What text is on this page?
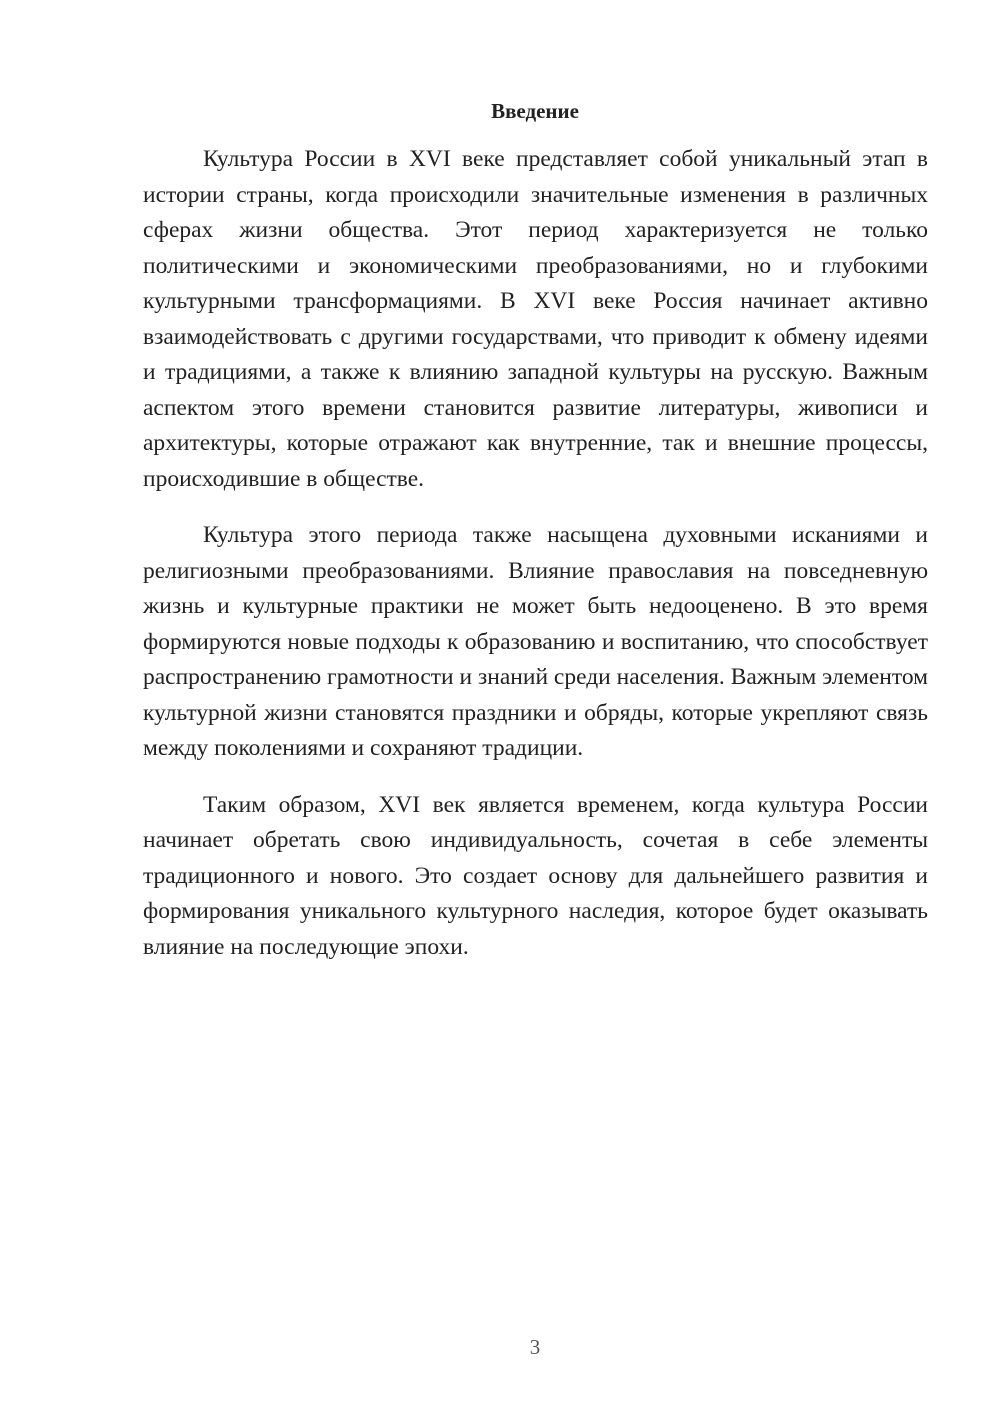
Введение

Культура России в XVI веке представляет собой уникальный этап в истории страны, когда происходили значительные изменения в различных сферах жизни общества. Этот период характеризуется не только политическими и экономическими преобразованиями, но и глубокими культурными трансформациями. В XVI веке Россия начинает активно взаимодействовать с другими государствами, что приводит к обмену идеями и традициями, а также к влиянию западной культуры на русскую. Важным аспектом этого времени становится развитие литературы, живописи и архитектуры, которые отражают как внутренние, так и внешние процессы, происходившие в обществе.

Культура этого периода также насыщена духовными исканиями и религиозными преобразованиями. Влияние православия на повседневную жизнь и культурные практики не может быть недооценено. В это время формируются новые подходы к образованию и воспитанию, что способствует распространению грамотности и знаний среди населения. Важным элементом культурной жизни становятся праздники и обряды, которые укрепляют связь между поколениями и сохраняют традиции.

Таким образом, XVI век является временем, когда культура России начинает обретать свою индивидуальность, сочетая в себе элементы традиционного и нового. Это создает основу для дальнейшего развития и формирования уникального культурного наследия, которое будет оказывать влияние на последующие эпохи.

3
